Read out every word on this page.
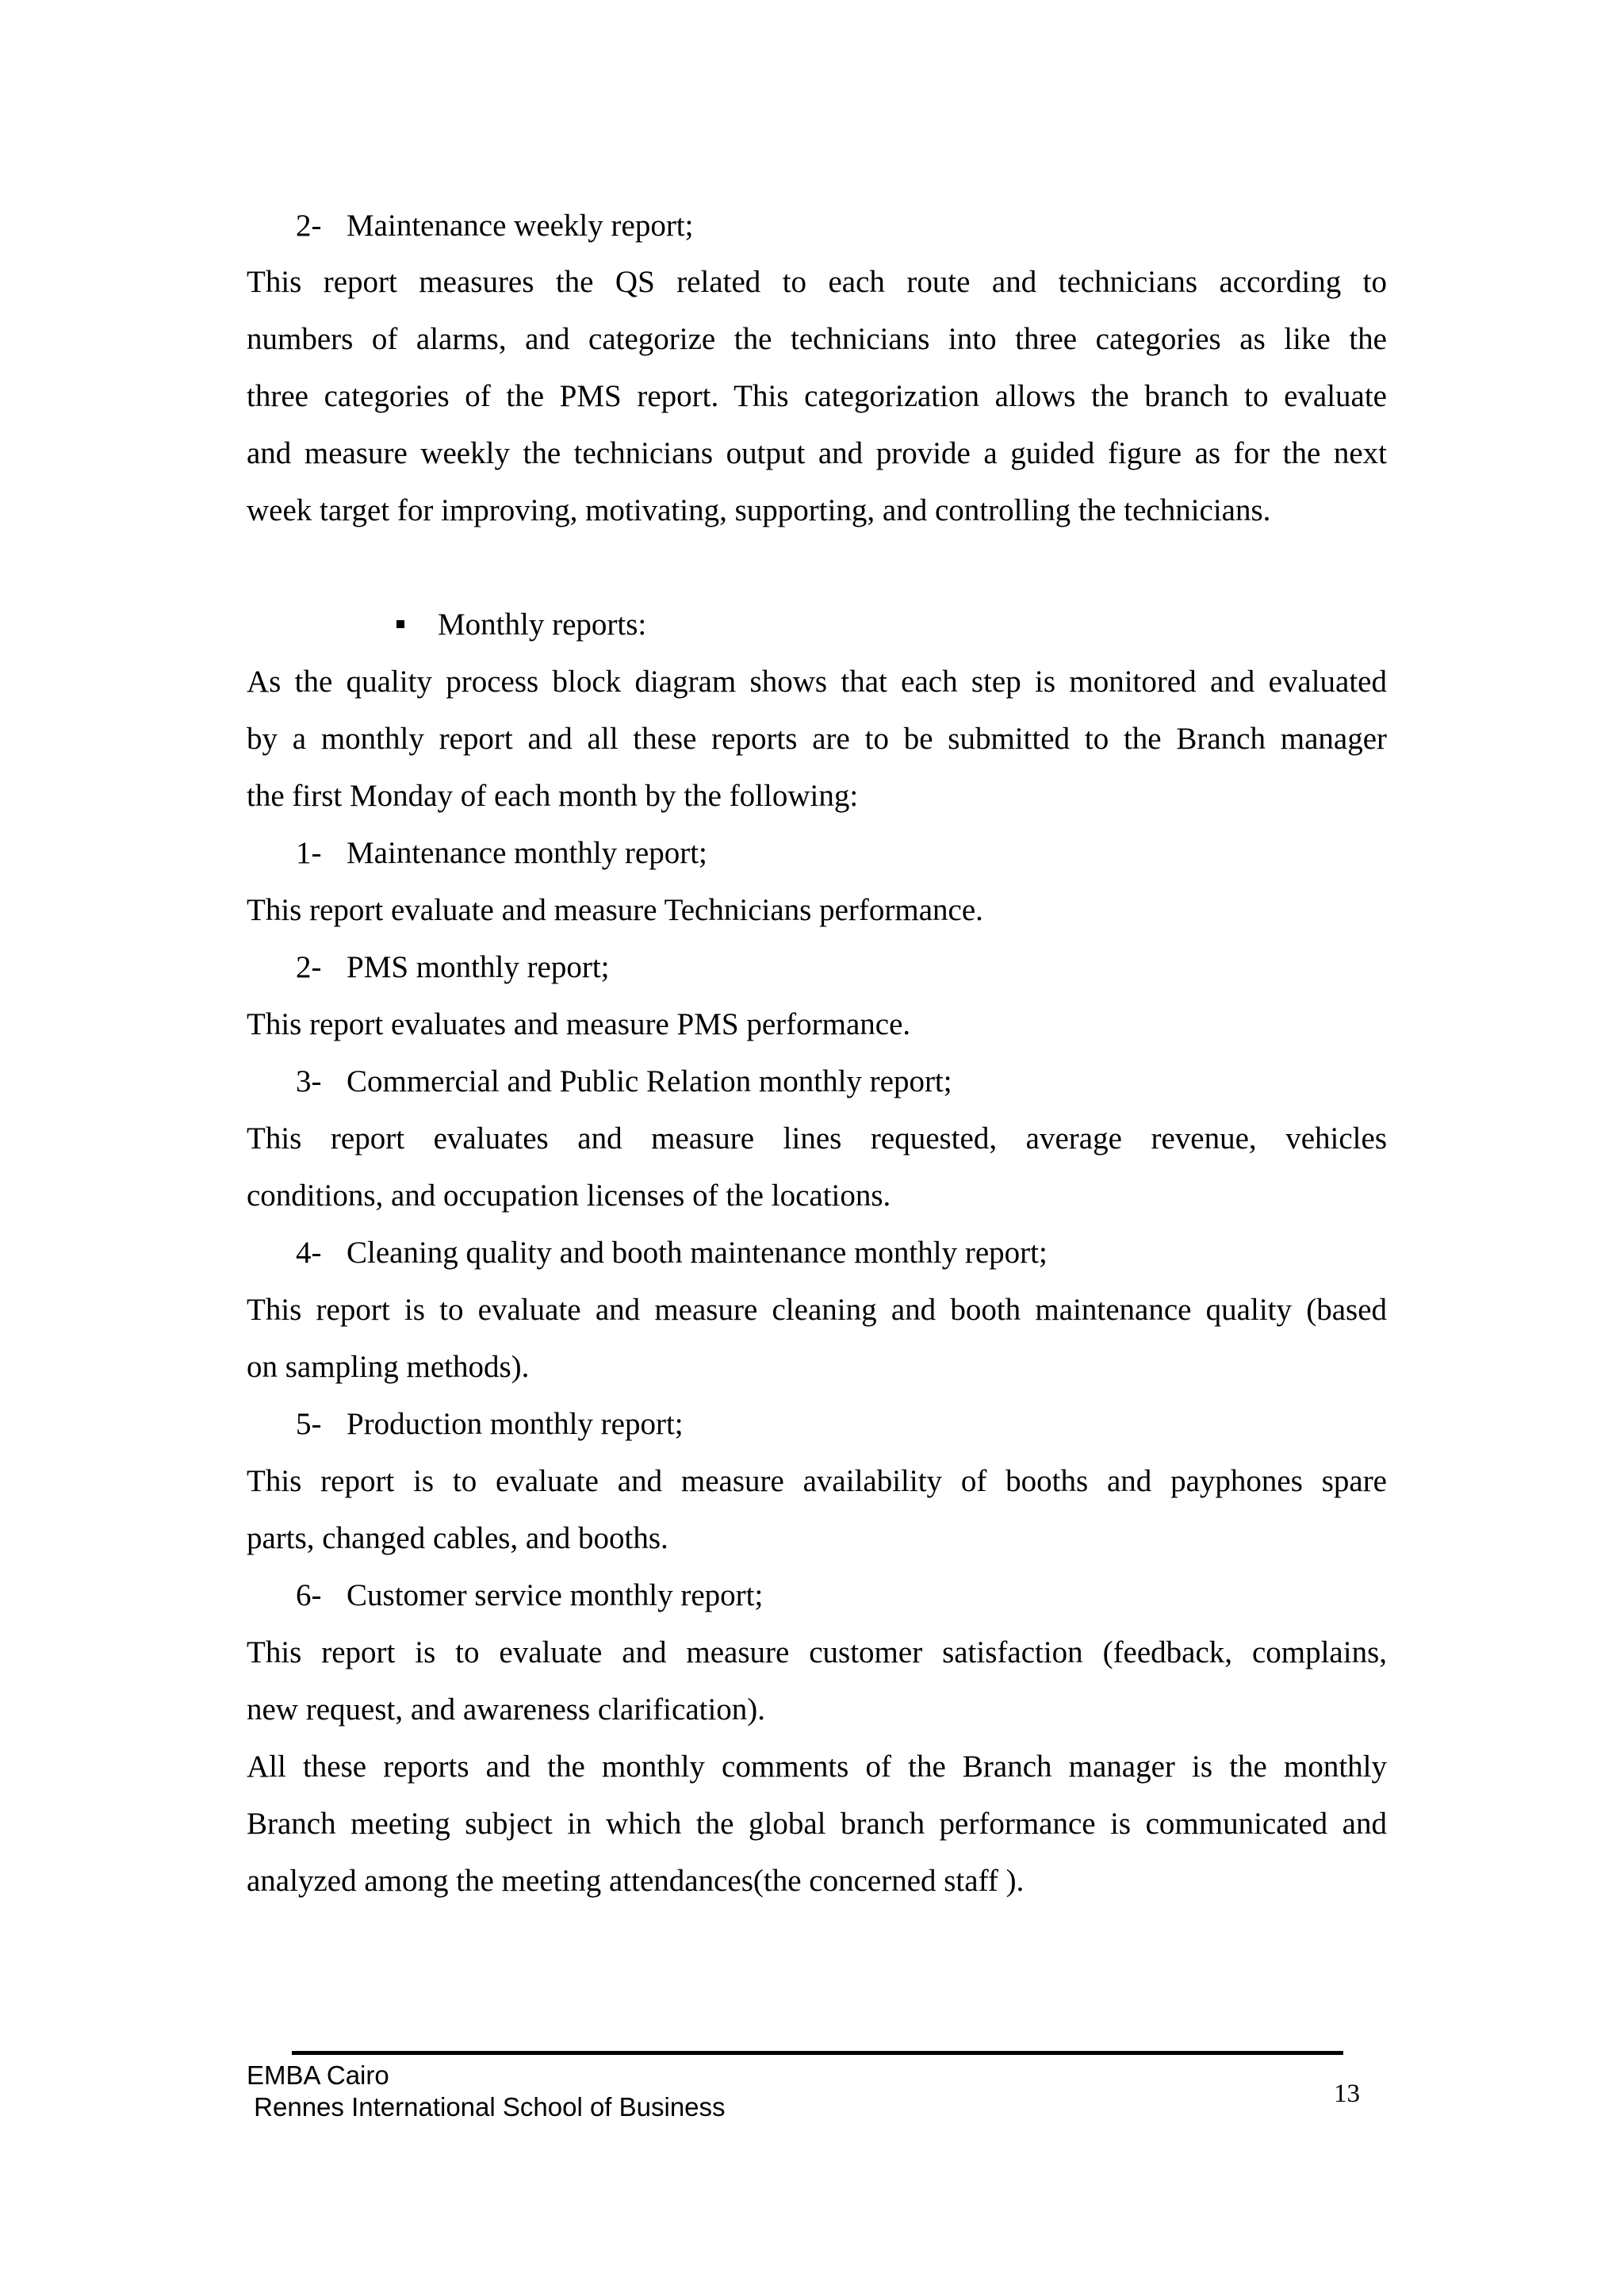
2- Maintenance weekly report;
This report measures the QS related to each route and technicians according to
numbers of alarms, and categorize the technicians into three categories as like the
three categories of the PMS report. This categorization allows the branch to evaluate
and measure weekly the technicians output and provide a guided figure as for the next
week target for improving, motivating, supporting, and controlling the technicians.
Monthly reports:
As the quality process block diagram shows that each step is monitored and evaluated
by a monthly report and all these reports are to be submitted to the Branch manager
the first Monday of each month by the following:
1- Maintenance monthly report;
This report evaluate and measure Technicians performance.
2- PMS monthly report;
This report evaluates and measure PMS performance.
3- Commercial and Public Relation monthly report;
This report evaluates and measure lines requested, average revenue, vehicles
conditions, and occupation licenses of the locations.
4- Cleaning quality and booth maintenance monthly report;
This report is to evaluate and measure cleaning and booth maintenance quality (based
on sampling methods).
5- Production monthly report;
This report is to evaluate and measure availability of booths and payphones spare
parts, changed cables, and booths.
6- Customer service monthly report;
This report is to evaluate and measure customer satisfaction (feedback, complains,
new request, and awareness clarification).
All these reports and the monthly comments of the Branch manager is the monthly
Branch meeting subject in which the global branch performance is communicated and
analyzed among the meeting attendances(the concerned staff ).
EMBA Cairo
Rennes International School of Business	13
